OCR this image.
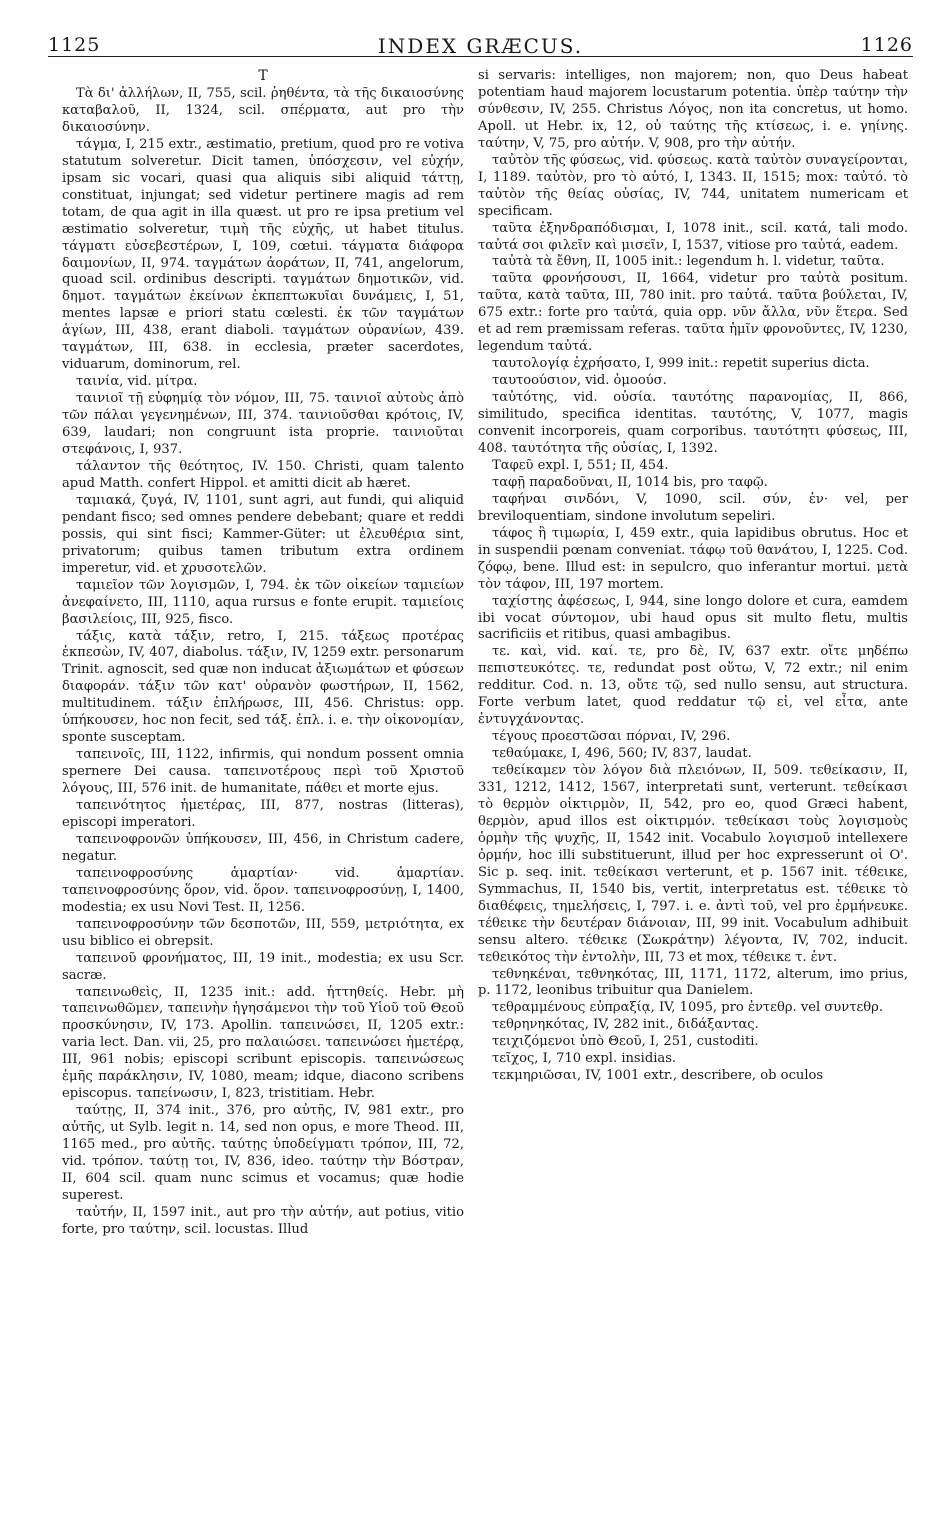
1125	INDEX GRÆCUS.	1126
T

Τὰ δι' ἀλλήλων, II, 755, scil. ῥηθέντα, τὰ τῆς δικαιοσύνης καταβαλοῦ, II, 1324, scil. σπέρματα, aut pro τὴν δικαιοσύνην.

τάγμα, I, 215 extr., æstimatio, pretium, quod pro re votiva statutum solveretur. Dicit tamen, ὑπόσχεσιν, vel εὐχήν, ipsam sic vocari, quasi qua aliquis sibi aliquid τάττῃ, constituat, injungat; sed videtur pertinere magis ad rem totam, de qua agit in illa quæst. ut pro re ipsa pretium vel æstimatio solveretur, τιμὴ τῆς εὐχῆς, ut habet titulus. τάγματι εὐσεβεστέρων, I, 109, cœtui. τάγματα διάφορα δαιμονίων, II, 974. ταγμάτων ἀοράτων, II, 741, angelorum, quoad scil. ordinibus descripti. ταγμάτων δημοτικῶν, vid. δημοτ. ταγμάτων ἐκείνων ἐκπεπτωκυῖαι δυνάμεις, I, 51, mentes lapsæ e priori statu cœlesti. ἐκ τῶν ταγμάτων ἁγίων, III, 438, erant diaboli. ταγμάτων οὐρανίων, 439. ταγμάτων, III, 638. in ecclesia, præter sacerdotes, viduarum, dominorum, rel.

ταινία, vid. μίτρα.

ταινιοῖ τῇ εὐφημίᾳ τὸν νόμον, III, 75. ταινιοῖ αὐτοὺς ἀπὸ τῶν πάλαι γεγενημένων, III, 374. ταινιοῦσθαι κρότοις, IV, 639, laudari; non congruunt ista proprie. ταινιοῦται στεφάνοις, I, 937.

τάλαντον τῆς θεότητος, IV. 150. Christi, quam talento apud Matth. confert Hippol. et amitti dicit ab hæret.

ταμιακά, ζυγά, IV, 1101, sunt agri, aut fundi, qui aliquid pendant fisco; sed omnes pendere debebant; quare et reddi possis, qui sint fisci; Kammer-Güter: ut ἐλευθέρια sint, privatorum; quibus tamen tributum extra ordinem imperetur, vid. et χρυσοτελῶν.

ταμιεῖον τῶν λογισμῶν, I, 794. ἐκ τῶν οἰκείων ταμιείων ἀνεφαίνετο, III, 1110, aqua rursus e fonte erupit. ταμιείοις βασιλείοις, III, 925, fisco.

τάξις, κατὰ τάξιν, retro, I, 215. τάξεως προτέρας ἐκπεσὼν, IV, 407, diabolus. τάξιν, IV, 1259 extr. personarum Trinit. agnoscit, sed quæ non inducat ἀξιωμάτων et φύσεων διαφοράν. τάξιν τῶν κατ' οὐρανὸν φωστήρων, II, 1562, multitudinem. τάξιν ἐπλήρωσε, III, 456. Christus: opp. ὑπήκουσεν, hoc non fecit, sed τάξ. ἐπλ. i. e. τὴν οἰκονομίαν, sponte susceptam.

ταπεινοῖς, III, 1122, infirmis, qui nondum possent omnia spernere Dei causa. ταπεινοτέρους περὶ τοῦ Χριστοῦ λόγους, III, 576 init. de humanitate, πάθει et morte ejus.

ταπεινότητος ἡμετέρας, III, 877, nostras (litteras), episcopi imperatori.

ταπεινοφρονῶν ὑπήκουσεν, III, 456, in Christum cadere, negatur.

ταπεινοφροσύνης ἁμαρτίαν· vid. ἁμαρτίαν. ταπεινοφροσύνης ὅρον, vid. ὅρον. ταπεινοφροσύνῃ, I, 1400, modestia; ex usu Novi Test. II, 1256.

ταπεινοφροσύνην τῶν δεσποτῶν, III, 559, μετριότητα, ex usu biblico ei obrepsit.

ταπεινοῦ φρονήματος, III, 19 init., modestia; ex usu Scr. sacræ.

ταπεινωθεὶς, II, 1235 init.: add. ἡττηθείς. Hebr. μὴ ταπεινωθῶμεν, ταπεινὴν ἡγησάμενοι τὴν τοῦ Υἱοῦ τοῦ Θεοῦ προσκύνησιν, IV, 173. Apollin. ταπεινώσει, II, 1205 extr.: varia lect. Dan. vii, 25, pro παλαιώσει. ταπεινώσει ἡμετέρᾳ, III, 961 nobis; episcopi scribunt episcopis. ταπεινώσεως ἐμῆς παράκλησιν, IV, 1080, meam; idque, diacono scribens episcopus. ταπείνωσιν, I, 823, tristitiam. Hebr.

ταύτῃς, II, 374 init., 376, pro αὐτῆς, IV, 981 extr., pro αὐτῆς, ut Sylb. legit n. 14, sed non opus, e more Theod. III, 1165 med., pro αὐτῆς. ταύτῃς ὑποδείγματι τρόπον, III, 72, vid. τρόπον. ταύτῃ τοι, IV, 836, ideo. ταύτην τὴν Βόστραν, II, 604 scil. quam nunc scimus et vocamus; quæ hodie superest.

ταὐτήν, II, 1597 init., aut pro τὴν αὐτήν, aut potius, vitio forte, pro ταύτην, scil. locustas. Illud

si servaris: intelliges, non majorem; non, quo Deus habeat potentiam haud majorem locustarum potentia. ὑπὲρ ταύτην τὴν σύνθεσιν, IV, 255. Christus Λόγος, non ita concretus, ut homo. Apoll. ut Hebr. ix, 12, οὐ ταύτης τῆς κτίσεως, i. e. γηίνης. ταύτην, V, 75, pro αὐτήν. V, 908, pro τὴν αὐτήν.

ταὐτὸν τῆς φύσεως, vid. φύσεως. κατὰ ταὐτὸν συναγείρονται, I, 1189. ταὐτὸν, pro τὸ αὐτό, I, 1343. II, 1515; mox: ταὐτό. τὸ ταὐτὸν τῆς θείας οὐσίας, IV, 744, unitatem numericam et specificam.

ταῦτα ἐξηνδραπόδισμαι, I, 1078 init., scil. κατά, tali modo. ταὐτά σοι φιλεῖν καὶ μισεῖν, I, 1537, vitiose pro ταὐτά, eadem.

ταὐτὰ τὰ ἔθνη, II, 1005 init.: legendum h. l. videtur, ταῦτα.

ταῦτα φρονήσουσι, II, 1664, videtur pro ταὐτὰ positum. ταῦτα, κατὰ ταῦτα, III, 780 init. pro ταὐτά. ταῦτα βούλεται, IV, 675 extr.: forte pro ταὐτά, quia opp. νῦν ἄλλα, νῦν ἕτερα. Sed et ad rem præmissam referas. ταῦτα ἡμῖν φρονοῦντες, IV, 1230, legendum ταὐτά.

ταυτολογίᾳ ἐχρήσατο, I, 999 init.: repetit superius dicta.

ταυτοούσιον, vid. ὁμοούσ.

ταὐτότης, vid. οὐσία. ταυτότης παρανομίας, II, 866, similitudo, specifica identitas. ταυτότης, V, 1077, magis convenit incorporeis, quam corporibus. ταυτότητι φύσεως, III, 408. ταυτότητα τῆς οὐσίας, I, 1392.

Ταφεῦ expl. I, 551; II, 454.

ταφῇ παραδοῦναι, II, 1014 bis, pro ταφῷ.

ταφήναι σινδόνι, V, 1090, scil. σύν, ἐν· vel, per breviloquentiam, sindone involutum sepeliri.

τάφος ἢ τιμωρία, I, 459 extr., quia lapidibus obrutus. Hoc et in suspendii pœnam conveniat. τάφῳ τοῦ θανάτου, I, 1225. Cod. ζόφῳ, bene. Illud est: in sepulcro, quo inferantur mortui. μετὰ τὸν τάφον, III, 197 mortem.

ταχίστης ἀφέσεως, I, 944, sine longo dolore et cura, eamdem ibi vocat σύντομον, ubi haud opus sit multo fletu, multis sacrificiis et ritibus, quasi ambagibus.

τε. καὶ, vid. καί. τε, pro δὲ, IV, 637 extr. οἴτε μηδέπω πεπιστευκότες. τε, redundat post οὕτω, V, 72 extr.; nil enim redditur. Cod. n. 13, οὔτε τῷ, sed nullo sensu, aut structura. Forte verbum latet, quod reddatur τῷ εἰ, vel εἶτα, ante ἐντυγχάνοντας.

τέγους προεστῶσαι πόρναι, IV, 296.

τεθαύμακε, I, 496, 560; IV, 837, laudat.

τεθείκαμεν τὸν λόγον διὰ πλειόνων, II, 509. τεθείκασιν, II, 331, 1212, 1412, 1567, interpretati sunt, verterunt. τεθείκασι τὸ θερμὸν οἰκτιρμὸν, II, 542, pro eo, quod Græci habent, θερμὸν, apud illos est οἰκτιρμόν. τεθείκασι τοὺς λογισμοὺς ὁρμὴν τῆς ψυχῆς, II, 1542 init. Vocabulo λογισμοῦ intellexere ὁρμήν, hoc illi substituerunt, illud per hoc expresserunt οἱ Ο'. Sic p. seq. init. τεθείκασι verterunt, et p. 1567 init. τέθεικε, Symmachus, II, 1540 bis, vertit, interpretatus est. τέθεικε τὸ διαθέφεις, τημελήσεις, I, 797. i. e. ἀντὶ τοῦ, vel pro ἑρμήνευκε. τέθεικε τὴν δευτέραν διάνοιαν, III, 99 init. Vocabulum adhibuit sensu altero. τέθεικε (Σωκράτην) λέγοντα, IV, 702, inducit. τεθεικότος τὴν ἐντολὴν, III, 73 et mox, τέθεικε τ. ἐντ.

τεθνηκέναι, τεθνηκότας, III, 1171, 1172, alterum, imo prius, p. 1172, leonibus tribuitur qua Danielem.

τεθραμμένους εὐπραξίᾳ, IV, 1095, pro ἐντεθρ. vel συντεθρ.

τεθρηνηκότας, IV, 282 init., διδάξαντας.

τειχιζόμενοι ὑπὸ Θεοῦ, I, 251, custoditi.

τεῖχος, I, 710 expl. insidias.

τεκμηριῶσαι, IV, 1001 extr., describere, ob oculos
